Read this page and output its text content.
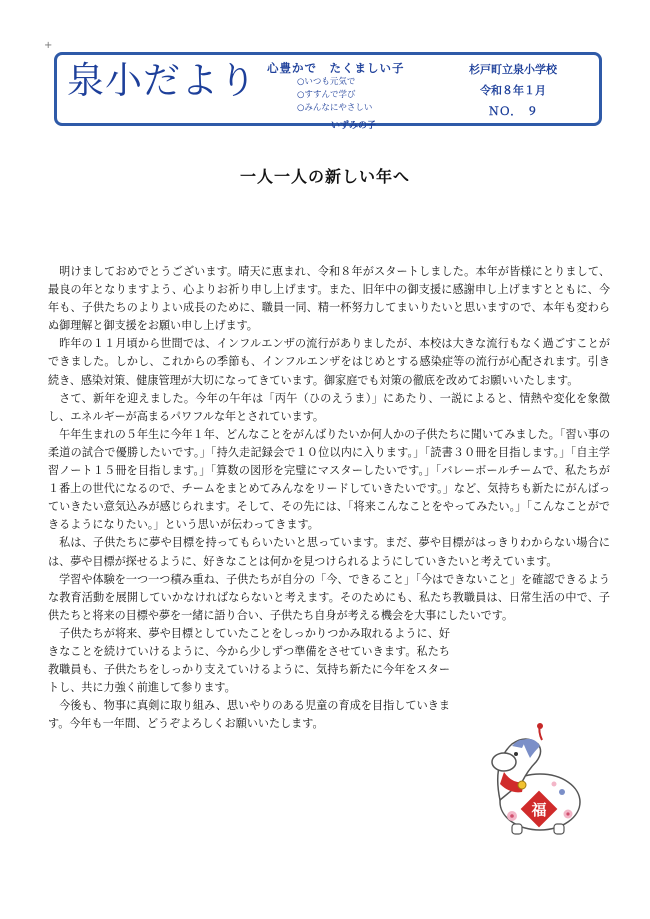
+
泉小だより 心豊かで　たくましい子
○いつも元気で
○すすんで学び
○みんなにやさしい
いずみの子
杉戸町立泉小学校
令和８年１月
ＮＯ．　９
一人一人の新しい年へ

明けましておめでとうございます。晴天に恵まれ、令和８年がスタートしました。本年が皆様にとりまして、最良の年となりますよう、心よりお祈り申し上げます。また、旧年中の御支援に感謝申し上げますとともに、今年も、子供たちのよりよい成長のために、職員一同、精一杯努力してまいりたいと思いますので、本年も変わらぬ御理解と御支援をお願い申し上げます。

昨年の１１月頃から世間では、インフルエンザの流行がありましたが、本校は大きな流行もなく過ごすことができました。しかし、これからの季節も、インフルエンザをはじめとする感染症等の流行が心配されます。引き続き、感染対策、健康管理が大切になってきています。御家庭でも対策の徹底を改めてお願いいたします。

さて、新年を迎えました。今年の午年は「丙午（ひのえうま）」にあたり、一説によると、情熱や変化を象徴し、エネルギーが高まるパワフルな年とされています。

午年生まれの５年生に今年１年、どんなことをがんばりたいか何人かの子供たちに聞いてみました。「習い事の柔道の試合で優勝したいです。」「持久走記録会で１０位以内に入ります。」「読書３０冊を目指します。」「自主学習ノート１５冊を目指します。」「算数の図形を完璧にマスターしたいです。」「バレーボールチームで、私たちが１番上の世代になるので、チームをまとめてみんなをリードしていきたいです。」など、気持ちも新たにがんばっていきたい意気込みが感じられます。そして、その先には、「将来こんなことをやってみたい。」「こんなことができるようになりたい。」という思いが伝わってきます。

私は、子供たちに夢や目標を持ってもらいたいと思っています。まだ、夢や目標がはっきりわからない場合には、夢や目標が探せるように、好きなことは何かを見つけられるようにしていきたいと考えています。

学習や体験を一つ一つ積み重ね、子供たちが自分の「今、できること」「今はできないこと」を確認できるような教育活動を展開していかなければならないと考えます。そのためにも、私たち教職員は、日常生活の中で、子供たちと将来の目標や夢を一緒に語り合い、子供たち自身が考える機会を大事にしたいです。

子供たちが将来、夢や目標としていたことをしっかりつかみ取れるように、好きなことを続けていけるように、今から少しずつ準備をさせていきます。私たち教職員も、子供たちをしっかり支えていけるように、気持ち新たに今年をスタートし、共に力強く前進して参ります。

今後も、物事に真剣に取り組み、思いやりのある児童の育成を目指していきます。今年も一年間、どうぞよろしくお願いいたします。

福
